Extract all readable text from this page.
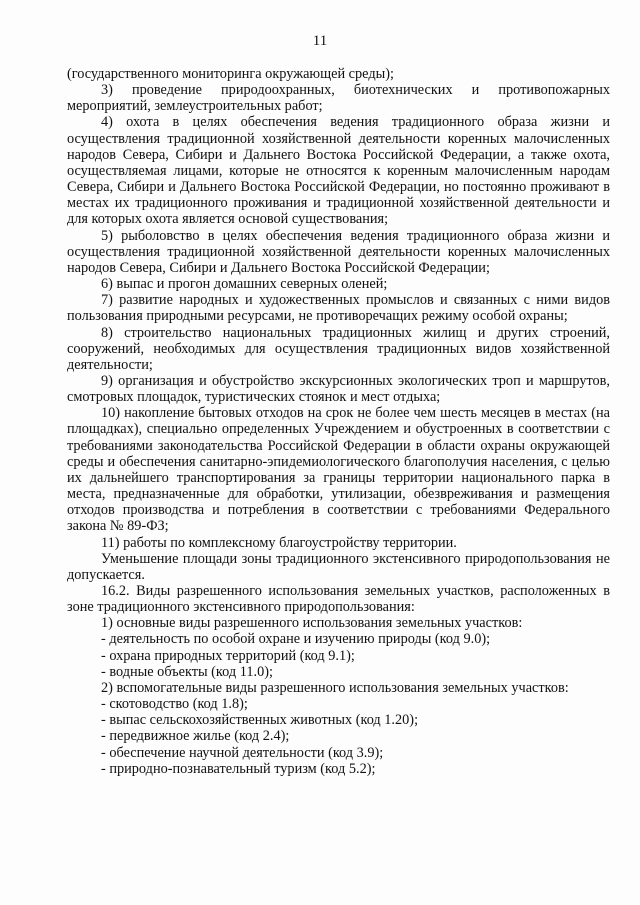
11

(государственного мониторинга окружающей среды);

3) проведение природоохранных, биотехнических и противопожарных мероприятий, землеустроительных работ;

4) охота в целях обеспечения ведения традиционного образа жизни и осуществления традиционной хозяйственной деятельности коренных малочисленных народов Севера, Сибири и Дальнего Востока Российской Федерации, а также охота, осуществляемая лицами, которые не относятся к коренным малочисленным народам Севера, Сибири и Дальнего Востока Российской Федерации, но постоянно проживают в местах их традиционного проживания и традиционной хозяйственной деятельности и для которых охота является основой существования;

5) рыболовство в целях обеспечения ведения традиционного образа жизни и осуществления традиционной хозяйственной деятельности коренных малочисленных народов Севера, Сибири и Дальнего Востока Российской Федерации;

6) выпас и прогон домашних северных оленей;

7) развитие народных и художественных промыслов и связанных с ними видов пользования природными ресурсами, не противоречащих режиму особой охраны;

8) строительство национальных традиционных жилищ и других строений, сооружений, необходимых для осуществления традиционных видов хозяйственной деятельности;

9) организация и обустройство экскурсионных экологических троп и маршрутов, смотровых площадок, туристических стоянок и мест отдыха;

10) накопление бытовых отходов на срок не более чем шесть месяцев в местах (на площадках), специально определенных Учреждением и обустроенных в соответствии с требованиями законодательства Российской Федерации в области охраны окружающей среды и обеспечения санитарно-эпидемиологического благополучия населения, с целью их дальнейшего транспортирования за границы территории национального парка в места, предназначенные для обработки, утилизации, обезвреживания и размещения отходов производства и потребления в соответствии с требованиями Федерального закона № 89-ФЗ;

11) работы по комплексному благоустройству территории.

Уменьшение площади зоны традиционного экстенсивного природопользования не допускается.

16.2. Виды разрешенного использования земельных участков, расположенных в зоне традиционного экстенсивного природопользования:

1) основные виды разрешенного использования земельных участков:

- деятельность по особой охране и изучению природы (код 9.0);

- охрана природных территорий (код 9.1);

- водные объекты (код 11.0);

2) вспомогательные виды разрешенного использования земельных участков:

- скотоводство (код 1.8);

- выпас сельскохозяйственных животных (код 1.20);

- передвижное жилье (код 2.4);

- обеспечение научной деятельности (код 3.9);

- природно-познавательный туризм (код 5.2);
